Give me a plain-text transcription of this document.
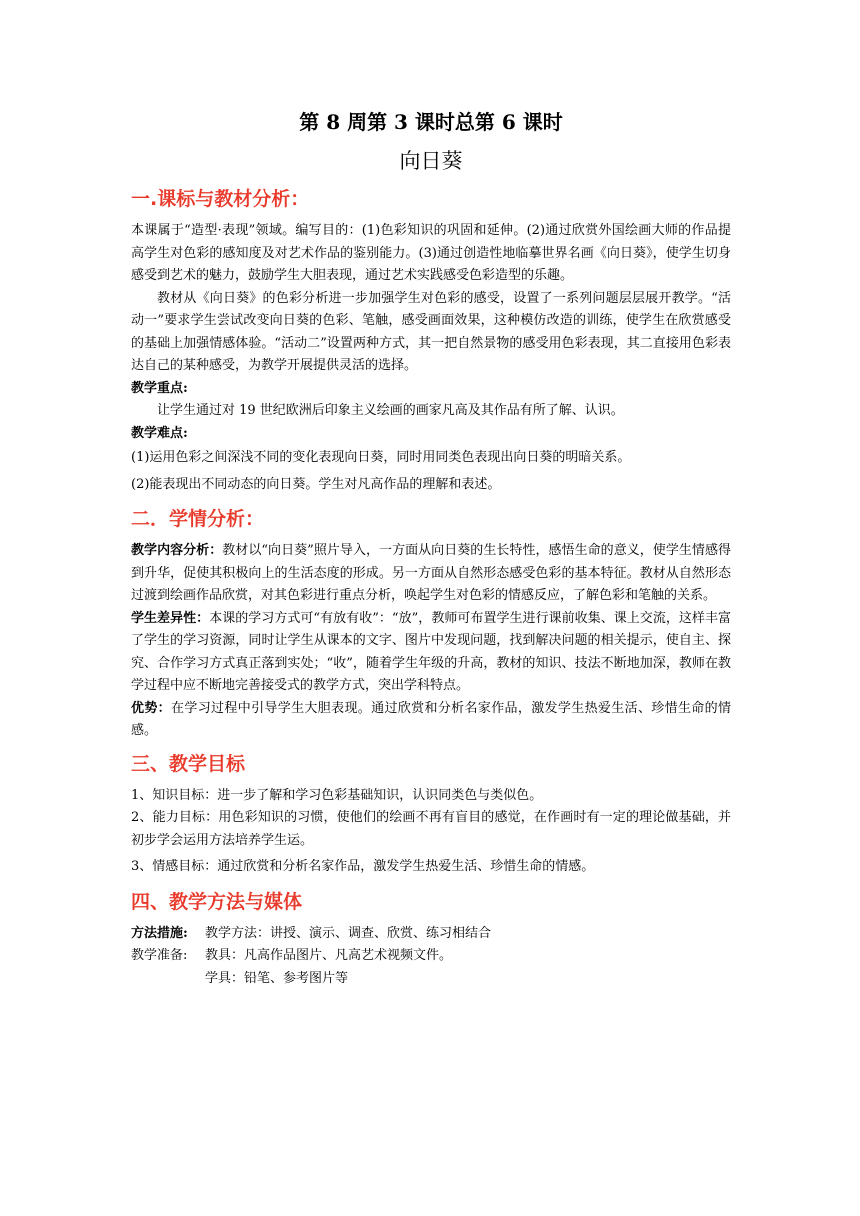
第 8 周第 3 课时总第 6 课时
向日葵
一.课标与教材分析：

本课属于“造型·表现”领域。编写目的：(1)色彩知识的巩固和延伸。(2)通过欣赏外国绘画大师的作品提高学生对色彩的感知度及对艺术作品的鉴别能力。(3)通过创造性地临摹世界名画《向日葵》，使学生切身感受到艺术的魅力，鼓励学生大胆表现，通过艺术实践感受色彩造型的乐趣。

教材从《向日葵》的色彩分析进一步加强学生对色彩的感受，设置了一系列问题层层展开教学。“活动一”要求学生尝试改变向日葵的色彩、笔触，感受画面效果，这种模仿改造的训练，使学生在欣赏感受的基础上加强情感体验。“活动二”设置两种方式，其一把自然景物的感受用色彩表现，其二直接用色彩表达自己的某种感受，为教学开展提供灵活的选择。

教学重点:

让学生通过对 19 世纪欧洲后印象主义绘画的画家凡高及其作品有所了解、认识。

教学难点:

(1)运用色彩之间深浅不同的变化表现向日葵，同时用同类色表现出向日葵的明暗关系。

(2)能表现出不同动态的向日葵。学生对凡高作品的理解和表述。

二．学情分析：

教学内容分析：教材以“向日葵”照片导入，一方面从向日葵的生长特性，感悟生命的意义，使学生情感得到升华，促使其积极向上的生活态度的形成。另一方面从自然形态感受色彩的基本特征。教材从自然形态过渡到绘画作品欣赏，对其色彩进行重点分析，唤起学生对色彩的情感反应，了解色彩和笔触的关系。

学生差异性：本课的学习方式可“有放有收”：“放”，教师可布置学生进行课前收集、课上交流，这样丰富了学生的学习资源，同时让学生从课本的文字、图片中发现问题，找到解决问题的相关提示，使自主、探究、合作学习方式真正落到实处；“收”，随着学生年级的升高，教材的知识、技法不断地加深，教师在教学过程中应不断地完善接受式的教学方式，突出学科特点。

优势：在学习过程中引导学生大胆表现。通过欣赏和分析名家作品，激发学生热爱生活、珍惜生命的情感。

三、教学目标

1、知识目标：进一步了解和学习色彩基础知识，认识同类色与类似色。

2、能力目标：用色彩知识的习惯，使他们的绘画不再有盲目的感觉，在作画时有一定的理论做基础，并初步学会运用方法培养学生运。

3、情感目标：通过欣赏和分析名家作品，激发学生热爱生活、珍惜生命的情感。

四、教学方法与媒体
方法措施:	教学方法：讲授、演示、调查、欣赏、练习相结合
教学准备:	教具：凡高作品图片、凡高艺术视频文件。
学具：铅笔、参考图片等
